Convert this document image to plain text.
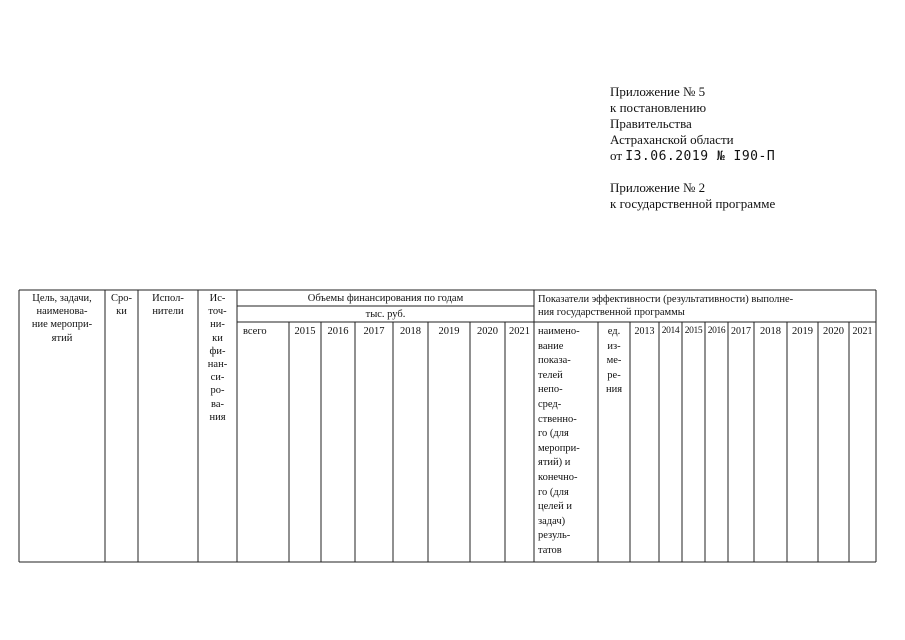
Приложение № 5
к постановлению
Правительства
Астраханской области
от I3.06.2019 № I90-П
Приложение № 2
к государственной программе
Цель, задачи,
наименова-
ние меропри-
ятий
Сро-
ки
Испол-
нители
Ис-
точ-
ни-
ки
фи-
нан-
си-
ро-
ва-
ния
Объемы финансирования по годам
тыс. руб.
всего	2015	2016	2017	2018	2019	2020	2021
Показатели эффективности (результативности) выполне-
ния государственной программы
наимено-
вание
показа-
телей
непо-
сред-
ственно-
го (для
меропри-
ятий) и
конечно-
го (для
целей и
задач)
резуль-
татов
ед.
из-
ме-
ре-
ния
2013 2014 2015 2016 2017 2018	2019 2020 2021
